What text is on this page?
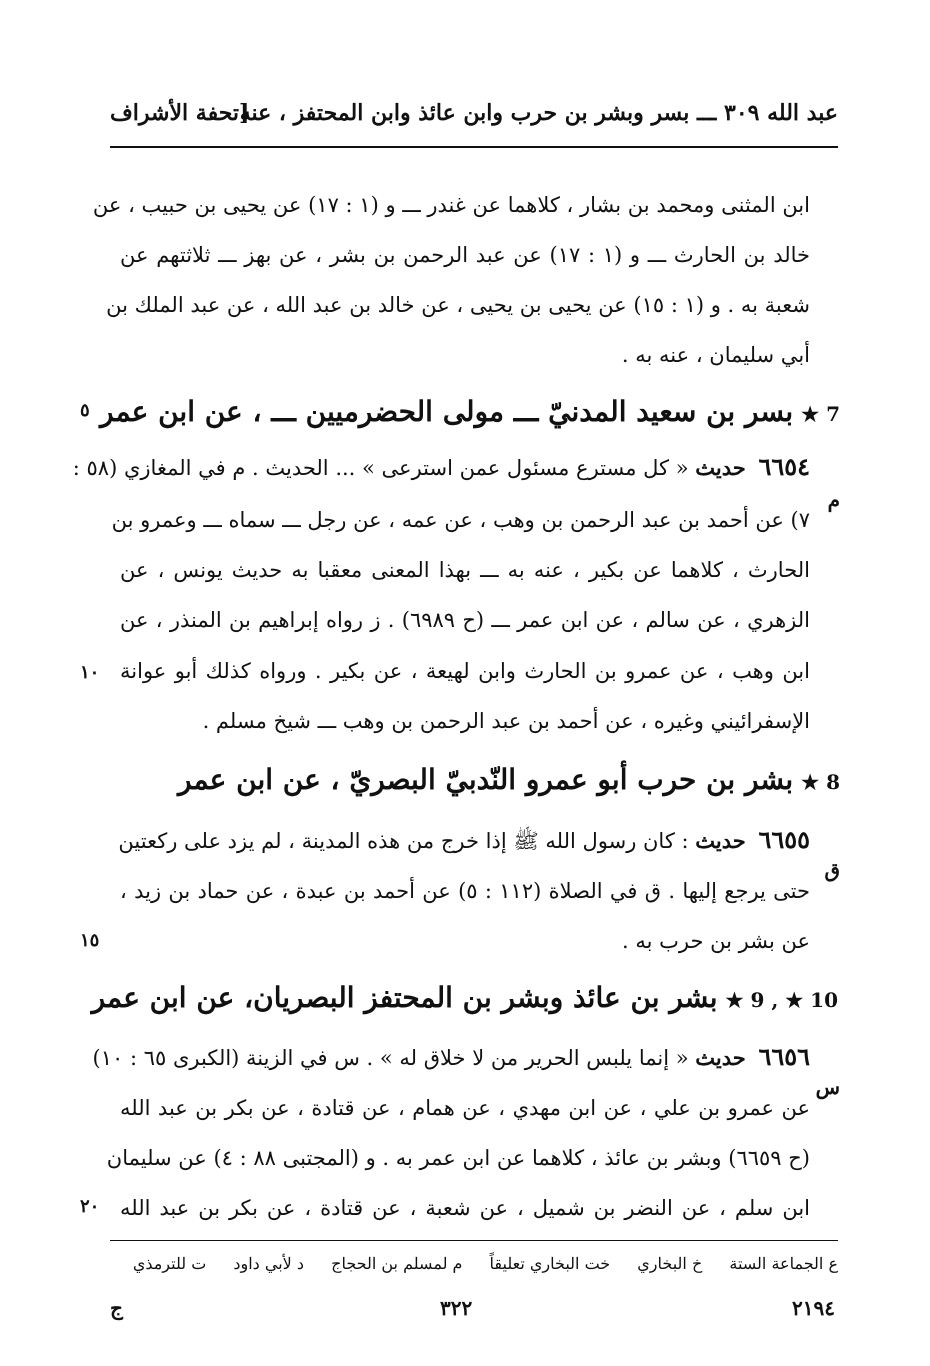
عبد الله ٣٠٩ ـــ بسر وبشر بن حرب وابن عائذ وابن المحتفز ، عنه
[تحفة الأشراف
ابن المثنى ومحمد بن بشار ، كلاهما عن غندر ـــ و (١ : ١٧) عن يحيى بن حبيب ، عن
خالد بن الحارث ـــ و (١ : ١٧) عن عبد الرحمن بن بشر ، عن بهز ـــ ثلاثتهم عن
شعبة به . و (١ : ١٥) عن يحيى بن يحيى ، عن خالد بن عبد الله ، عن عبد الملك بن
أبي سليمان ، عنه به .
7 ★بسر بن سعيد المدنيّ ـــ مولى الحضرميين ـــ ، عن ابن عمر
٥
٦٦٥٤ حديث « كل مسترع مسئول عمن استرعى » ... الحديث . م في المغازي (٥٨ :
م
٧) عن أحمد بن عبد الرحمن بن وهب ، عن عمه ، عن رجل ـــ سماه ـــ وعمرو بن
الحارث ، كلاهما عن بكير ، عنه به ـــ بهذا المعنى معقبا به حديث يونس ، عن
الزهري ، عن سالم ، عن ابن عمر ـــ (ح ٦٩٨٩) . ز رواه إبراهيم بن المنذر ، عن
ابن وهب ، عن عمرو بن الحارث وابن لهيعة ، عن بكير . ورواه كذلك أبو عوانة
١٠
الإسفرائيني وغيره ، عن أحمد بن عبد الرحمن بن وهب ـــ شيخ مسلم .
8 ★بشر بن حرب أبو عمرو النّدبيّ البصريّ ، عن ابن عمر
٦٦٥٥ حديث : كان رسول الله ﷺ إذا خرج من هذه المدينة ، لم يزد على ركعتين
ق
حتى يرجع إليها . ق في الصلاة (١١٢ : ٥) عن أحمد بن عبدة ، عن حماد بن زيد ،
عن بشر بن حرب به .
١٥
10 ★ , 9 ★بشر بن عائذ وبشر بن المحتفز البصريان، عن ابن عمر
٦٦٥٦ حديث « إنما يلبس الحرير من لا خلاق له » . س في الزينة (الكبرى ٦٥ : ١٠)
س
عن عمرو بن علي ، عن ابن مهدي ، عن همام ، عن قتادة ، عن بكر بن عبد الله
(ح ٦٦٥٩) وبشر بن عائذ ، كلاهما عن ابن عمر به . و (المجتبى ٨٨ : ٤) عن سليمان
ابن سلم ، عن النضر بن شميل ، عن شعبة ، عن قتادة ، عن بكر بن عبد الله
٢٠
ع الجماعة الستة خ البخاري خت البخاري تعليقاً م لمسلم بن الحجاج د لأبي داود ت للترمذي
٢١٩٤
٣٢٢
ج
